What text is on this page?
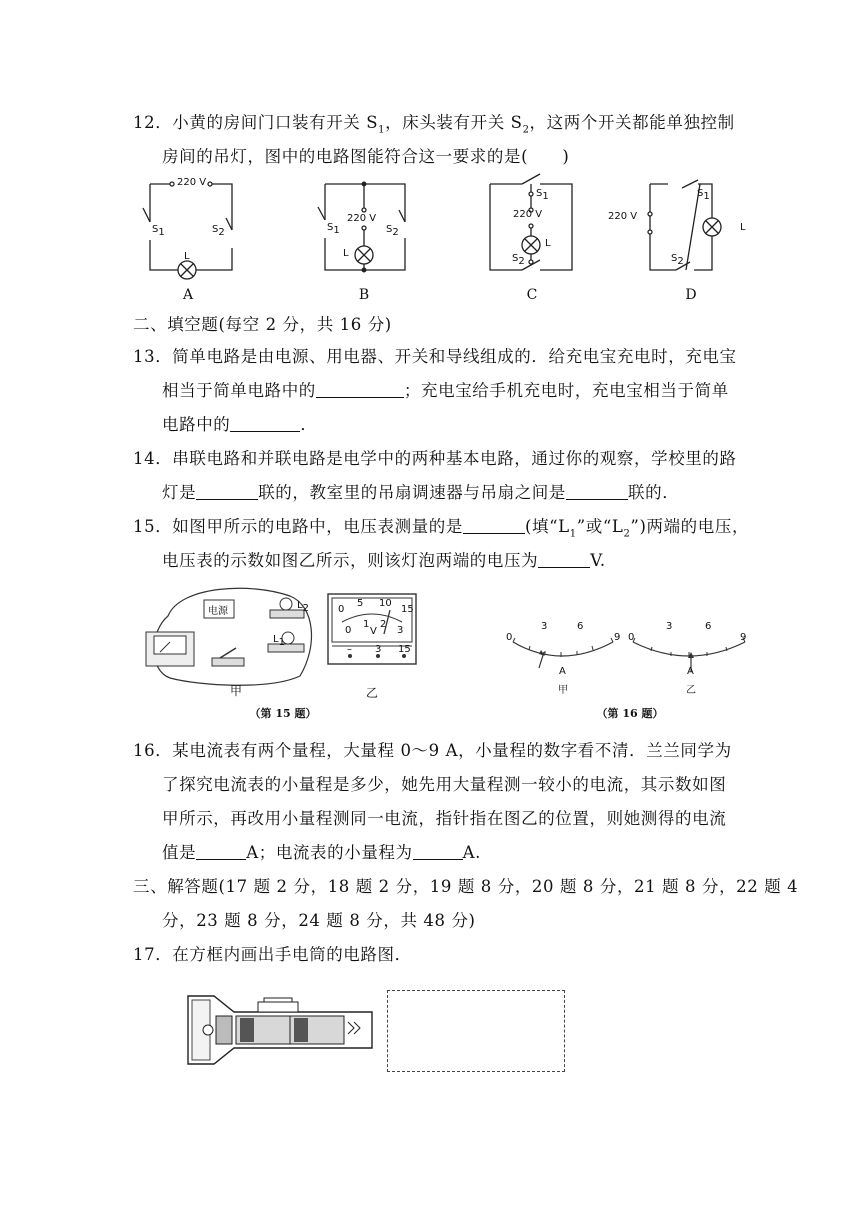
12．小黄的房间门口装有开关 $S_1$，床头装有开关 $S_2$，这两个开关都能单独控制
房间的吊灯，图中的电路图能符合这一要求的是(　　)
220 V
$S_1$	$S_2$
L
220 V
$S_1$	$S_2$
L
$S_1$
220 V
L
$S_2$
$S_1$
220 V
L
$S_2$
A	B	C	D
二、填空题(每空 2 分，共 16 分)
13．简单电路是由电源、用电器、开关和导线组成的．给充电宝充电时，充电宝
相当于简单电路中的	；充电宝给手机充电时，充电宝相当于简单
电路中的	．
14．串联电路和并联电路是电学中的两种基本电路，通过你的观察，学校里的路
灯是	联的，教室里的吊扇调速器与吊扇之间是	联的．
15．如图甲所示的电路中，电压表测量的是	(填“$L_1$”或“$L_2$”)两端的电压，
电压表的示数如图乙所示，则该灯泡两端的电压为	V.
电源
$L_2$
$L_1$
甲
0
5 10
15
0
1
V
2
3
– 3 15
乙
（第 15 题）
0
3	6
9
A
甲
0
3	6
9
A
乙
（第 16 题）
16．某电流表有两个量程，大量程 0～9 A，小量程的数字看不清．兰兰同学为
了探究电流表的小量程是多少，她先用大量程测一较小的电流，其示数如图
甲所示，再改用小量程测同一电流，指针指在图乙的位置，则她测得的电流
值是	A；电流表的小量程为	A.
三、解答题(17 题 2 分，18 题 2 分，19 题 8 分，20 题 8 分，21 题 8 分，22 题 4
分，23 题 8 分，24 题 8 分，共 48 分)
17．在方框内画出手电筒的电路图．
